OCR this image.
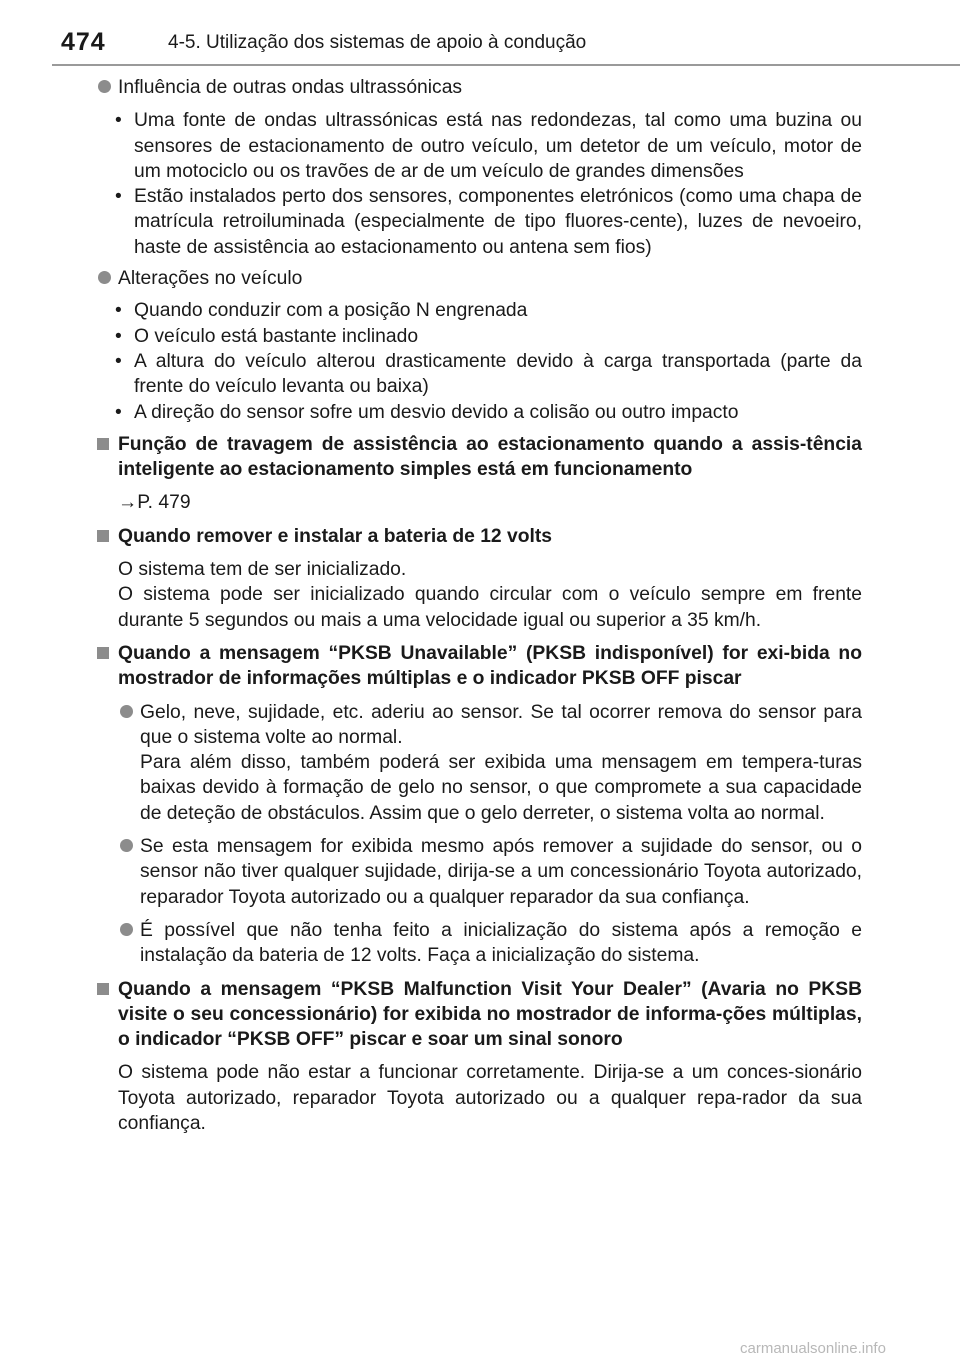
474	4-5. Utilização dos sistemas de apoio à condução

Influência de outras ondas ultrassónicas

• Uma fonte de ondas ultrassónicas está nas redondezas, tal como uma buzina ou sensores de estacionamento de outro veículo, um detetor de um veículo, motor de um motociclo ou os travões de ar de um veículo de grandes dimensões

• Estão instalados perto dos sensores, componentes eletrónicos (como uma chapa de matrícula retroiluminada (especialmente de tipo fluores-cente), luzes de nevoeiro, haste de assistência ao estacionamento ou antena sem fios)

Alterações no veículo

• Quando conduzir com a posição N engrenada

• O veículo está bastante inclinado

• A altura do veículo alterou drasticamente devido à carga transportada (parte da frente do veículo levanta ou baixa)

• A direção do sensor sofre um desvio devido a colisão ou outro impacto

Função de travagem de assistência ao estacionamento quando a assis-tência inteligente ao estacionamento simples está em funcionamento

→P. 479

Quando remover e instalar a bateria de 12 volts

O sistema tem de ser inicializado.

O sistema pode ser inicializado quando circular com o veículo sempre em frente durante 5 segundos ou mais a uma velocidade igual ou superior a 35 km/h.

Quando a mensagem “PKSB Unavailable” (PKSB indisponível) for exi-bida no mostrador de informações múltiplas e o indicador PKSB OFF piscar

Gelo, neve, sujidade, etc. aderiu ao sensor. Se tal ocorrer remova do sensor para que o sistema volte ao normal.

Para além disso, também poderá ser exibida uma mensagem em tempera-turas baixas devido à formação de gelo no sensor, o que compromete a sua capacidade de deteção de obstáculos. Assim que o gelo derreter, o sistema volta ao normal.

Se esta mensagem for exibida mesmo após remover a sujidade do sensor, ou o sensor não tiver qualquer sujidade, dirija-se a um concessionário Toyota autorizado, reparador Toyota autorizado ou a qualquer reparador da sua confiança.

É possível que não tenha feito a inicialização do sistema após a remoção e instalação da bateria de 12 volts. Faça a inicialização do sistema.

Quando a mensagem “PKSB Malfunction Visit Your Dealer” (Avaria no PKSB visite o seu concessionário) for exibida no mostrador de informa-ções múltiplas, o indicador “PKSB OFF” piscar e soar um sinal sonoro

O sistema pode não estar a funcionar corretamente. Dirija-se a um conces-sionário Toyota autorizado, reparador Toyota autorizado ou a qualquer repa-rador da sua confiança.

carmanualsonline.info
